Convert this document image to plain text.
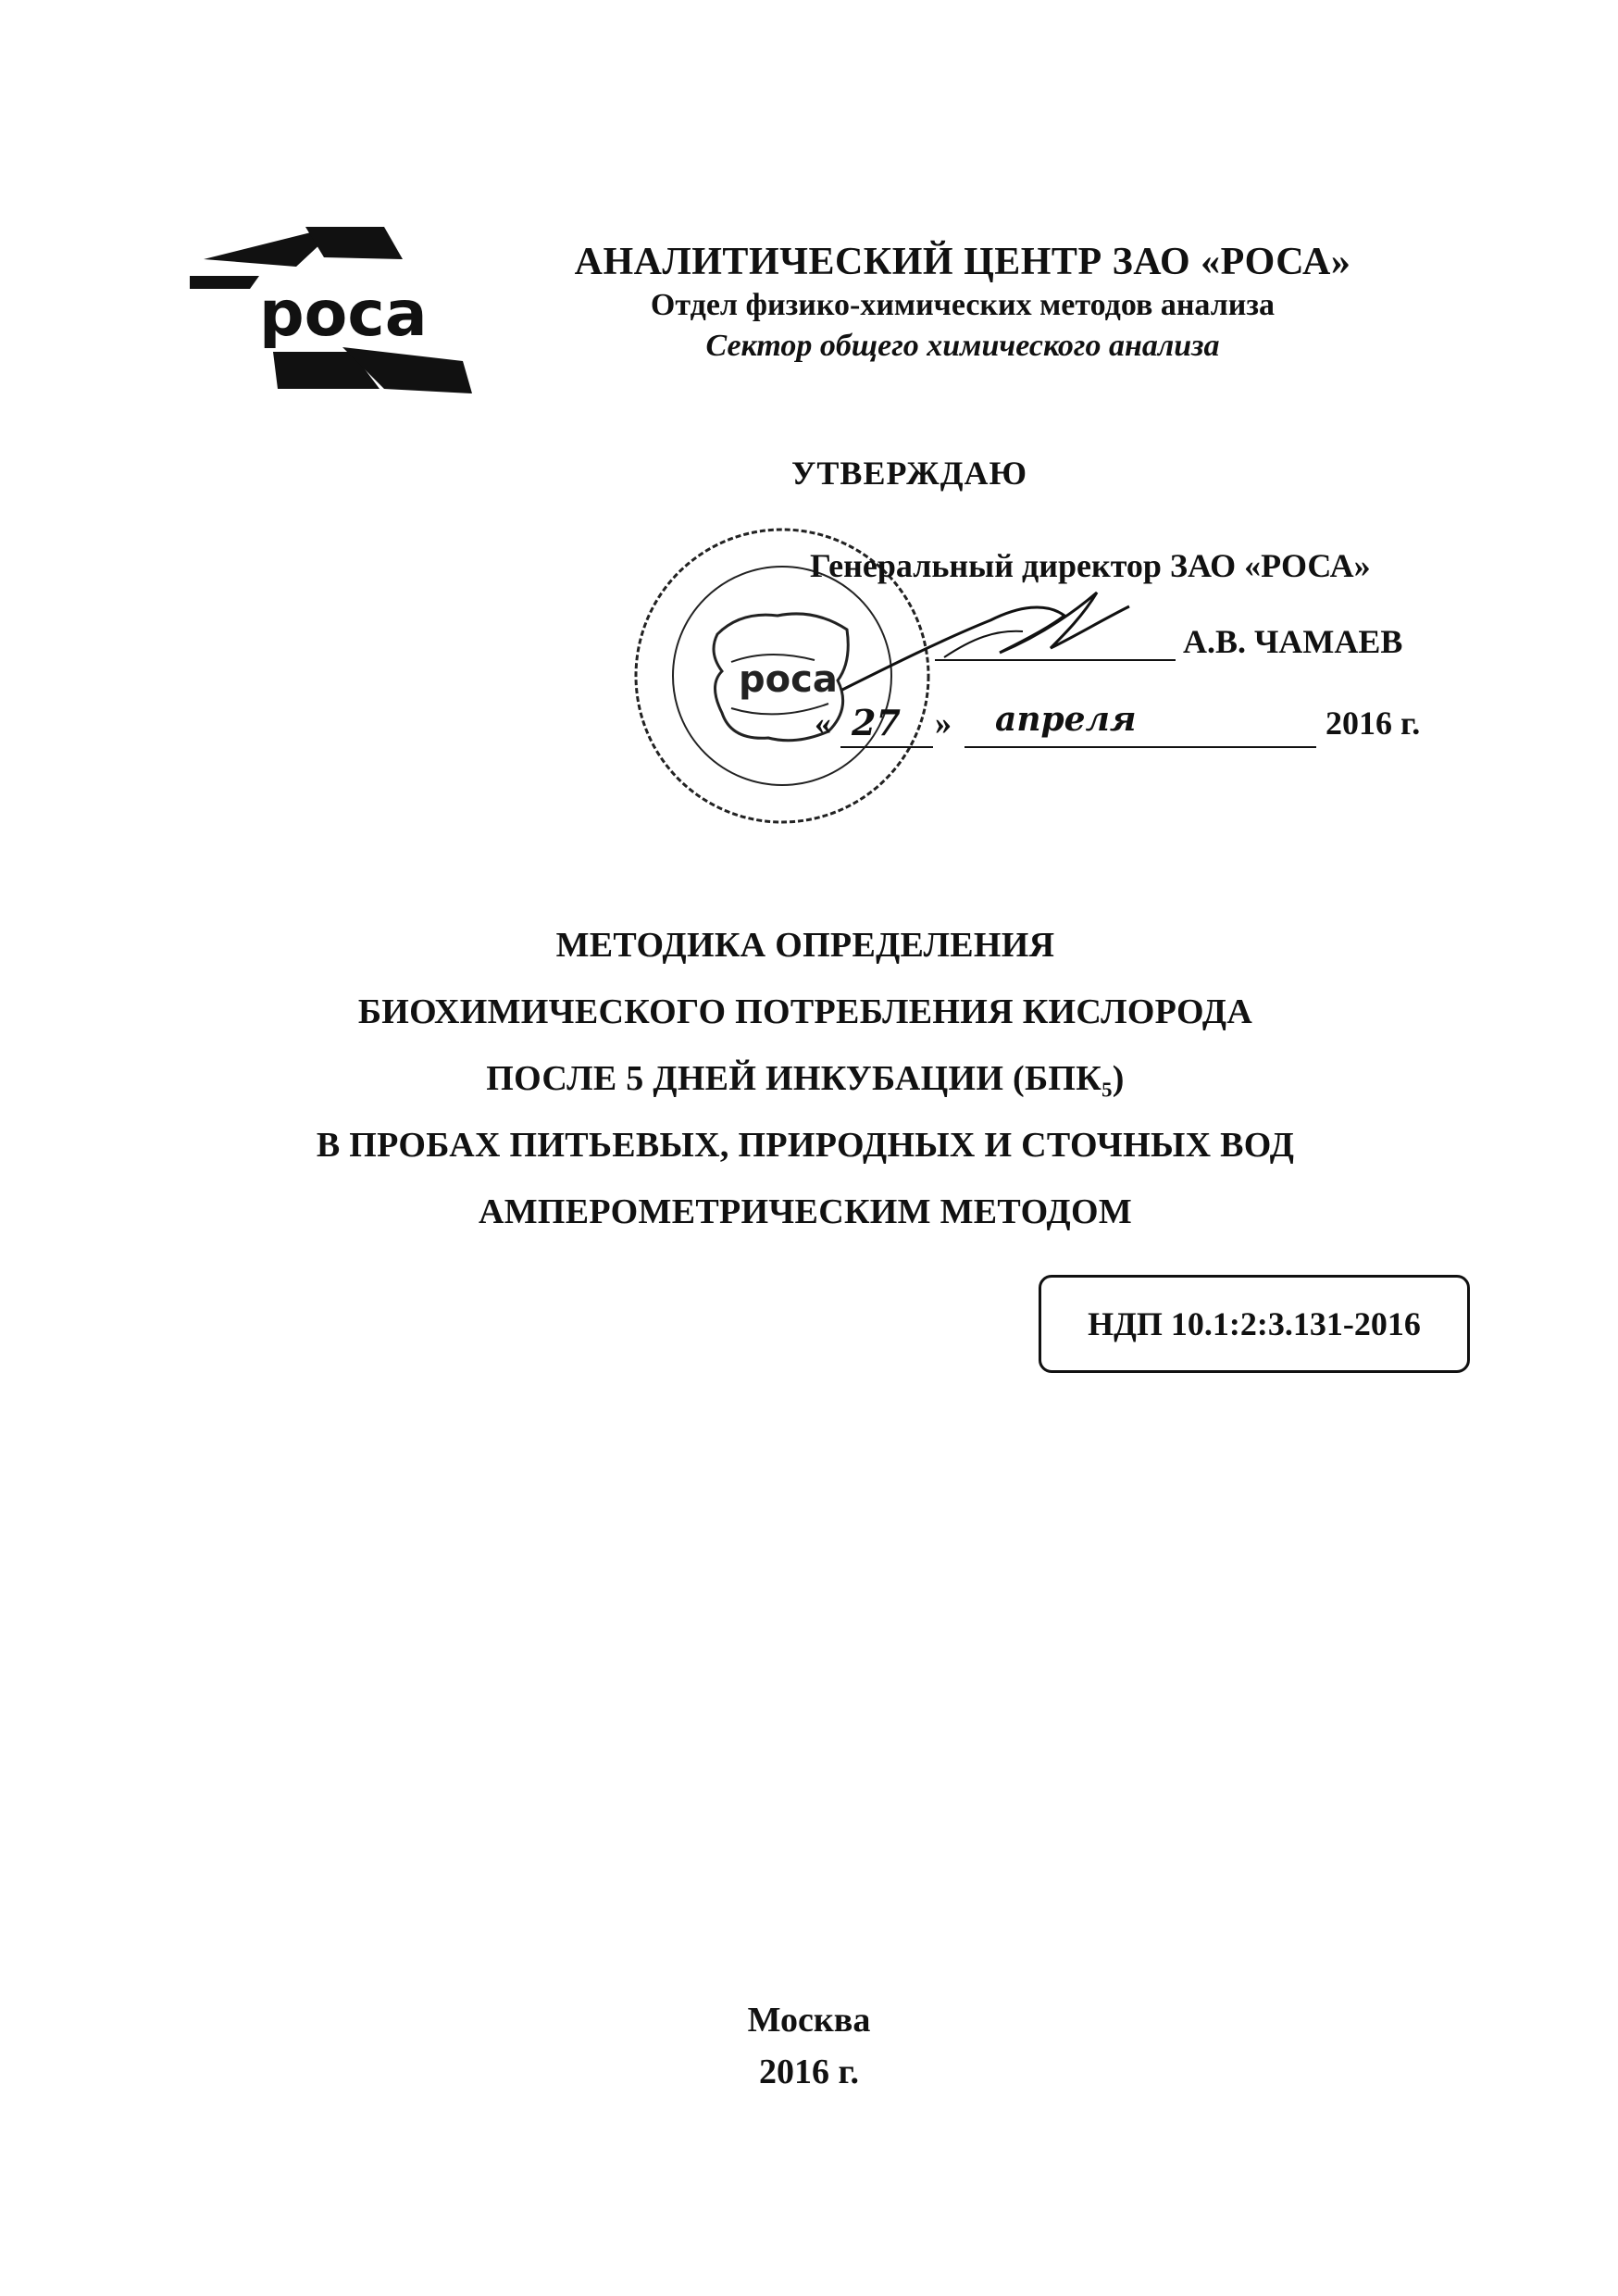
роса
АНАЛИТИЧЕСКИЙ ЦЕНТР ЗАО «РОСА»
Отдел физико-химических методов анализа
Сектор общего химического анализа
УТВЕРЖДАЮ
роса
Генеральный директор ЗАО «РОСА»
А.В. ЧАМАЕВ
« 27 » апреля	2016 г.
МЕТОДИКА ОПРЕДЕЛЕНИЯ
БИОХИМИЧЕСКОГО ПОТРЕБЛЕНИЯ КИСЛОРОДА
ПОСЛЕ 5 ДНЕЙ ИНКУБАЦИИ (БПК₅)
В ПРОБАХ ПИТЬЕВЫХ, ПРИРОДНЫХ И СТОЧНЫХ ВОД
АМПЕРОМЕТРИЧЕСКИМ МЕТОДОМ
НДП 10.1:2:3.131-2016
Москва
2016 г.
